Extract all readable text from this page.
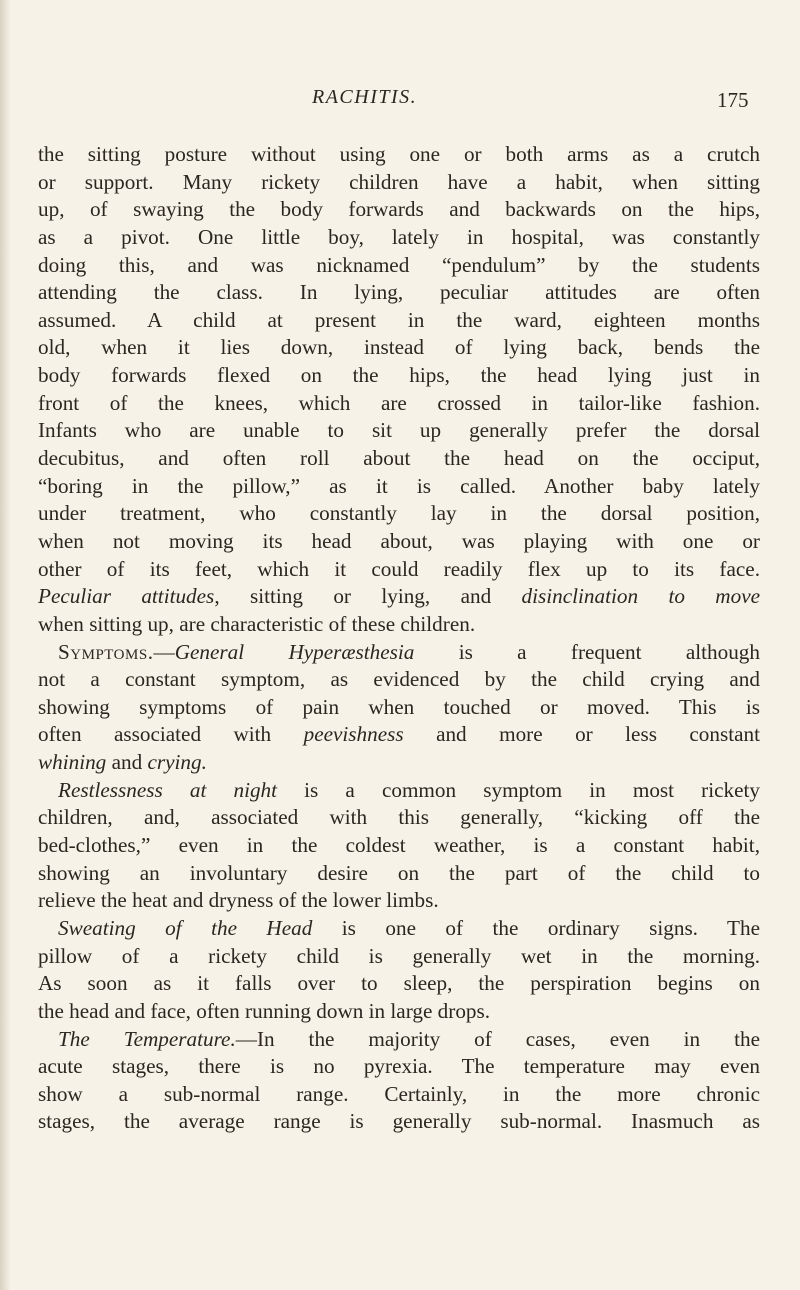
RACHITIS.	175
the sitting posture without using one or both arms as a crutch
or support. Many rickety children have a habit, when sitting
up, of swaying the body forwards and backwards on the hips,
as a pivot. One little boy, lately in hospital, was constantly
doing this, and was nicknamed “pendulum” by the students
attending the class. In lying, peculiar attitudes are often
assumed. A child at present in the ward, eighteen months
old, when it lies down, instead of lying back, bends the
body forwards flexed on the hips, the head lying just in
front of the knees, which are crossed in tailor-like fashion.
Infants who are unable to sit up generally prefer the dorsal
decubitus, and often roll about the head on the occiput,
“boring in the pillow,” as it is called. Another baby lately
under treatment, who constantly lay in the dorsal position,
when not moving its head about, was playing with one or
other of its feet, which it could readily flex up to its face.
Peculiar attitudes, sitting or lying, and disinclination to move
when sitting up, are characteristic of these children.
Symptoms.—General Hyperæsthesia is a frequent although
not a constant symptom, as evidenced by the child crying and
showing symptoms of pain when touched or moved. This is
often associated with peevishness and more or less constant
whining and crying.
Restlessness at night is a common symptom in most rickety
children, and, associated with this generally, “kicking off the
bed-clothes,” even in the coldest weather, is a constant habit,
showing an involuntary desire on the part of the child to
relieve the heat and dryness of the lower limbs.
Sweating of the Head is one of the ordinary signs. The
pillow of a rickety child is generally wet in the morning.
As soon as it falls over to sleep, the perspiration begins on
the head and face, often running down in large drops.
The Temperature.—In the majority of cases, even in the
acute stages, there is no pyrexia. The temperature may even
show a sub-normal range. Certainly, in the more chronic
stages, the average range is generally sub-normal. Inasmuch as
